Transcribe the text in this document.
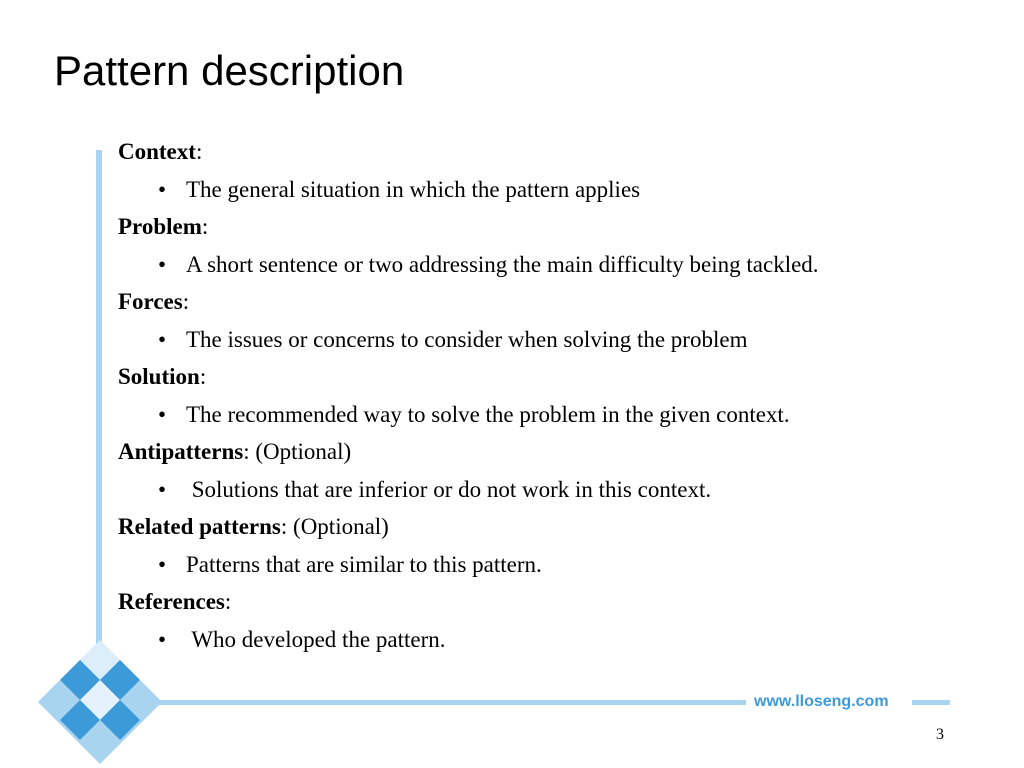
www.lloseng.com
Pattern description
Context:
• The general situation in which the pattern applies
Problem:
• A short sentence or two addressing the main difficulty being tackled.
Forces:
• The issues or concerns to consider when solving the problem
Solution:
• The recommended way to solve the problem in the given context.
Antipatterns: (Optional)
• Solutions that are inferior or do not work in this context.
Related patterns: (Optional)
• Patterns that are similar to this pattern.
References:
• Who developed the pattern.
3
